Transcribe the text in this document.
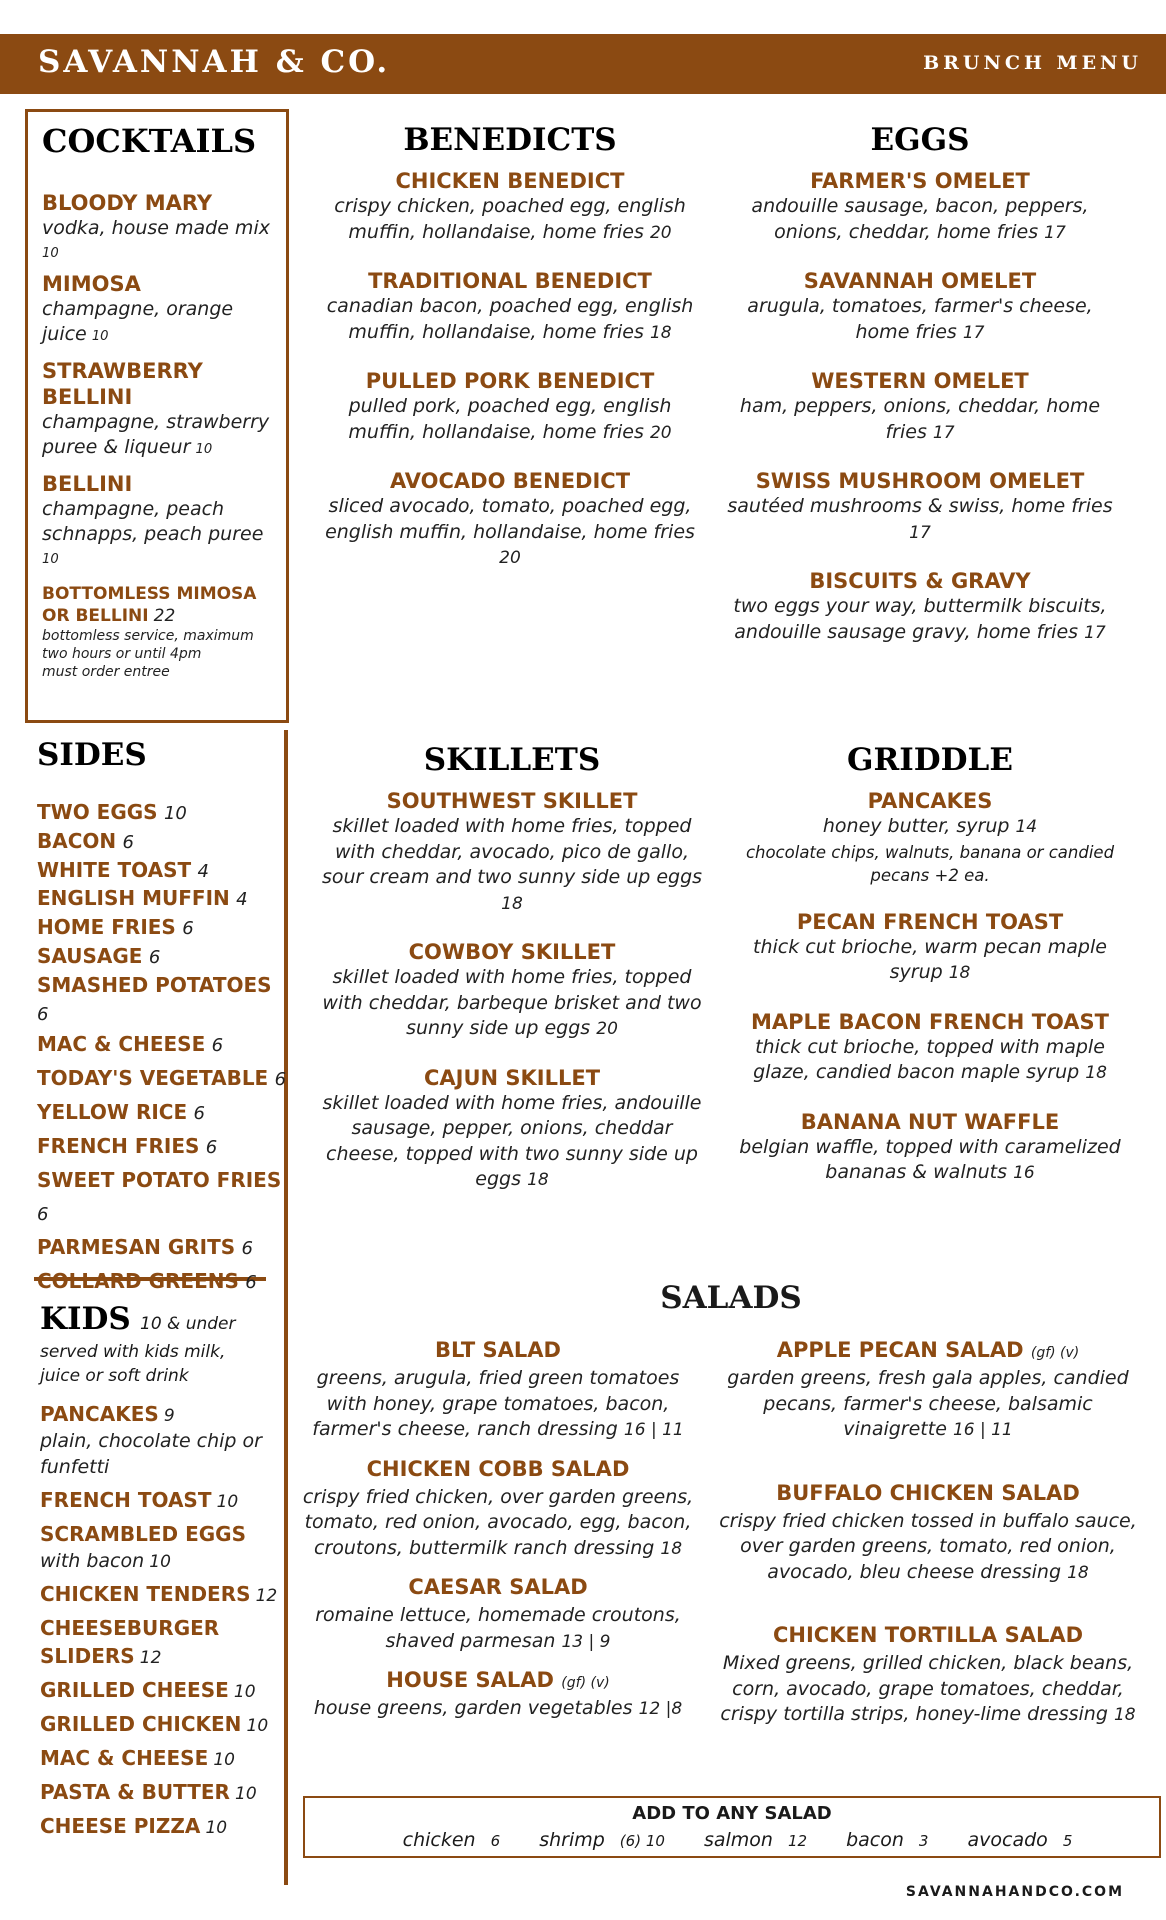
SAVANNAH & CO.	BRUNCH MENU
COCKTAILS
BLOODY MARY
vodka, house made mix 10
MIMOSA
champagne, orange juice 10
STRAWBERRY BELLINI
champagne, strawberry puree & liqueur 10
BELLINI
champagne, peach schnapps, peach puree 10
BOTTOMLESS MIMOSA OR BELLINI 22
bottomless service, maximum two hours or until 4pm
must order entree
SIDES
TWO EGGS 10
BACON 6
WHITE TOAST 4
ENGLISH MUFFIN 4
HOME FRIES 6
SAUSAGE 6
SMASHED POTATOES 6
MAC & CHEESE 6
TODAY'S VEGETABLE 6
YELLOW RICE 6
FRENCH FRIES 6
SWEET POTATO FRIES 6
PARMESAN GRITS 6
COLLARD GREENS 6
KIDS 10 & under
served with kids milk, juice or soft drink
PANCAKES 9
plain, chocolate chip or funfetti
FRENCH TOAST 10
SCRAMBLED EGGS
with bacon 10
CHICKEN TENDERS 12
CHEESEBURGER SLIDERS 12
GRILLED CHEESE 10
GRILLED CHICKEN 10
MAC & CHEESE 10
PASTA & BUTTER 10
CHEESE PIZZA 10
BENEDICTS
CHICKEN BENEDICT
crispy chicken, poached egg, english muffin, hollandaise, home fries 20
TRADITIONAL BENEDICT
canadian bacon, poached egg, english muffin, hollandaise, home fries 18
PULLED PORK BENEDICT
pulled pork, poached egg, english muffin, hollandaise, home fries 20
AVOCADO BENEDICT
sliced avocado, tomato, poached egg, english muffin, hollandaise, home fries 20
EGGS
FARMER'S OMELET
andouille sausage, bacon, peppers, onions, cheddar, home fries 17
SAVANNAH OMELET
arugula, tomatoes, farmer's cheese, home fries 17
WESTERN OMELET
ham, peppers, onions, cheddar, home fries 17
SWISS MUSHROOM OMELET
sautéed mushrooms & swiss, home fries 17
BISCUITS & GRAVY
two eggs your way, buttermilk biscuits, andouille sausage gravy, home fries 17
SKILLETS
SOUTHWEST SKILLET
skillet loaded with home fries, topped with cheddar, avocado, pico de gallo, sour cream and two sunny side up eggs 18
COWBOY SKILLET
skillet loaded with home fries, topped with cheddar, barbeque brisket and two sunny side up eggs 20
CAJUN SKILLET
skillet loaded with home fries, andouille sausage, pepper, onions, cheddar cheese, topped with two sunny side up eggs 18
GRIDDLE
PANCAKES
honey butter, syrup 14
chocolate chips, walnuts, banana or candied pecans +2 ea.
PECAN FRENCH TOAST
thick cut brioche, warm pecan maple syrup 18
MAPLE BACON FRENCH TOAST
thick cut brioche, topped with maple glaze, candied bacon maple syrup 18
BANANA NUT WAFFLE
belgian waffle, topped with caramelized bananas & walnuts 16
SALADS
BLT SALAD
greens, arugula, fried green tomatoes with honey, grape tomatoes, bacon, farmer's cheese, ranch dressing 16 | 11
CHICKEN COBB SALAD
crispy fried chicken, over garden greens, tomato, red onion, avocado, egg, bacon, croutons, buttermilk ranch dressing 18
CAESAR SALAD
romaine lettuce, homemade croutons, shaved parmesan 13 | 9
HOUSE SALAD (gf) (v)
house greens, garden vegetables 12 |8
APPLE PECAN SALAD (gf) (v)
garden greens, fresh gala apples, candied pecans, farmer's cheese, balsamic vinaigrette 16 | 11
BUFFALO CHICKEN SALAD
crispy fried chicken tossed in buffalo sauce, over garden greens, tomato, red onion, avocado, bleu cheese dressing 18
CHICKEN TORTILLA SALAD
Mixed greens, grilled chicken, black beans, corn, avocado, grape tomatoes, cheddar, crispy tortilla strips, honey-lime dressing 18
ADD TO ANY SALAD
chicken 6 shrimp (6) 10 salmon 12 bacon 3 avocado 5
SAVANNAHANDCO.COM
